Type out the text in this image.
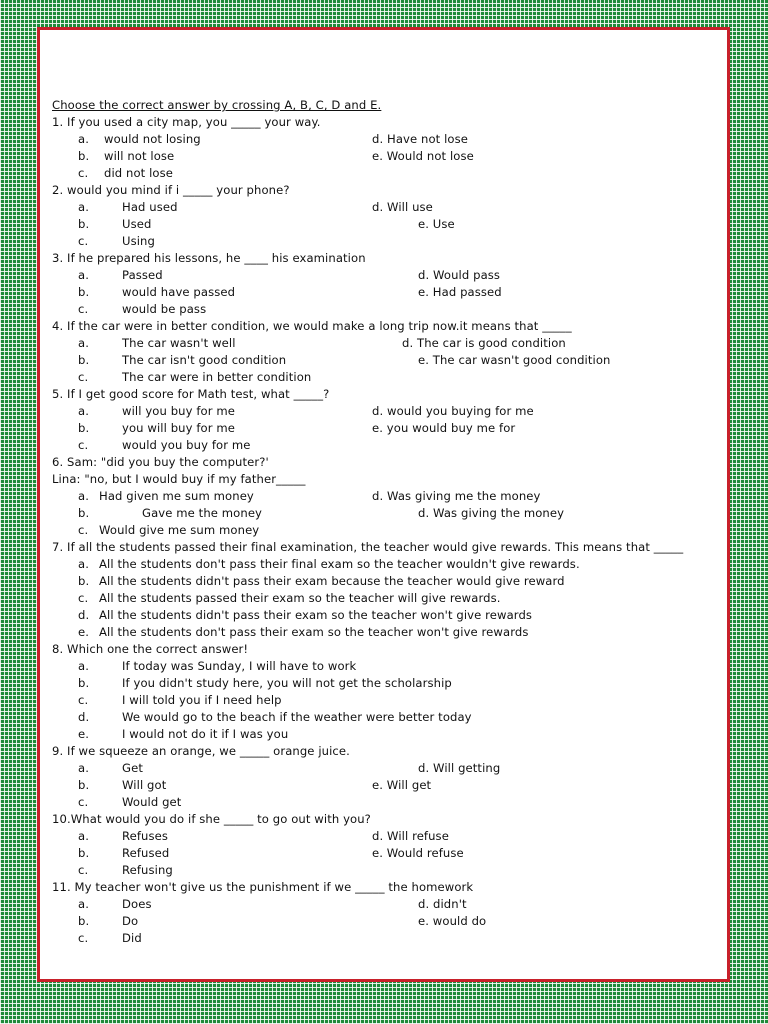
Choose the correct answer by crossing A, B, C, D and E.
1. If you used a city map, you _____ your way.
a. would not losing	d. Have not lose
b. will not lose	e. Would not lose
c. did not lose
2. would you mind if i _____ your phone?
a.	Had used	d. Will use
b.	Used	e. Use
c.	Using
3. If he prepared his lessons, he ____ his examination
a.	Passed	d. Would pass
b.	would have passed	e. Had passed
c.	would be pass
4. If the car were in better condition, we would make a long trip now.it means that _____
a.	The car wasn't well	d. The car is good condition
b.	The car isn't good condition	e. The car wasn't good condition
c.	The car were in better condition
5. If I get good score for Math test, what _____?
a.	will you buy for me	d. would you buying for me
b.	you will buy for me	e. you would buy me for
c.	would you buy for me
6. Sam: "did you buy the computer?'
Lina: "no, but I would buy if my father_____
a. Had given me sum money	d. Was giving me the money
b.	Gave me the money	d. Was giving the money
c. Would give me sum money
7. If all the students passed their final examination, the teacher would give rewards. This means that _____
a. All the students don't pass their final exam so the teacher wouldn't give rewards.
b. All the students didn't pass their exam because the teacher would give reward
c. All the students passed their exam so the teacher will give rewards.
d. All the students didn't pass their exam so the teacher won't give rewards
e. All the students don't pass their exam so the teacher won't give rewards
8. Which one the correct answer!
a.	If today was Sunday, I will have to work
b.	If you didn't study here, you will not get the scholarship
c.	I will told you if I need help
d.	We would go to the beach if the weather were better today
e.	I would not do it if I was you
9. If we squeeze an orange, we _____ orange juice.
a.	Get	d. Will getting
b.	Will got	e. Will get
c.	Would get
10.What would you do if she _____ to go out with you?
a.	Refuses	d. Will refuse
b.	Refused	e. Would refuse
c.	Refusing
11. My teacher won't give us the punishment if we _____ the homework
a.	Does	d. didn't
b.	Do	e. would do
c.	Did
